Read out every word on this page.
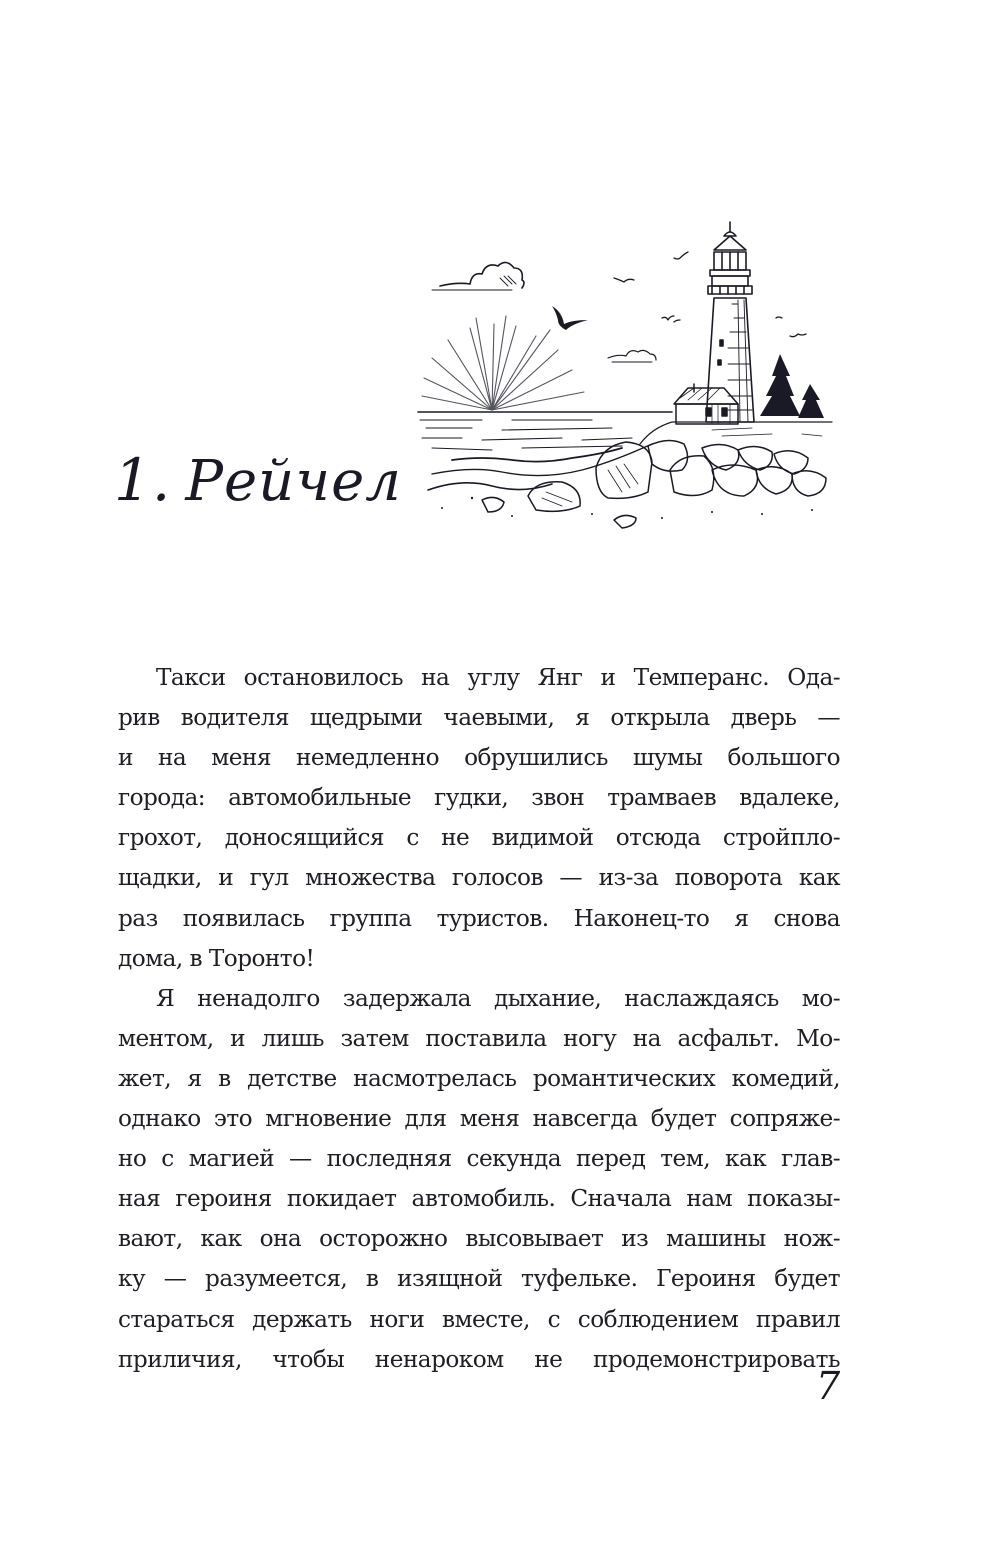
1. Рейчел
Такси остановилось на углу Янг и Темперанс. Ода-
рив водителя щедрыми чаевыми, я открыла дверь —
и на меня немедленно обрушились шумы большого
города: автомобильные гудки, звон трамваев вдалеке,
грохот, доносящийся с не видимой отсюда стройпло-
щадки, и гул множества голосов — из-за поворота как
раз появилась группа туристов. Наконец-то я снова
дома, в Торонто!
Я ненадолго задержала дыхание, наслаждаясь мо-
ментом, и лишь затем поставила ногу на асфальт. Мо-
жет, я в детстве насмотрелась романтических комедий,
однако это мгновение для меня навсегда будет сопряже-
но с магией — последняя секунда перед тем, как глав-
ная героиня покидает автомобиль. Сначала нам показы-
вают, как она осторожно высовывает из машины нож-
ку — разумеется, в изящной туфельке. Героиня будет
стараться держать ноги вместе, с соблюдением правил
приличия, чтобы ненароком не продемонстрировать
7
